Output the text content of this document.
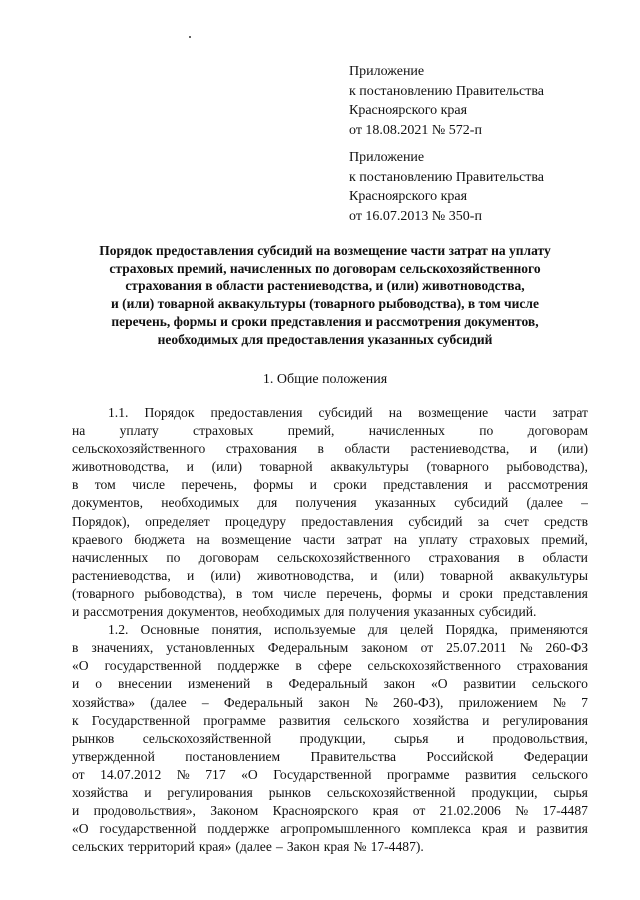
Приложение
к постановлению Правительства
Красноярского края
от 18.08.2021 № 572-п
Приложение
к постановлению Правительства
Красноярского края
от 16.07.2013 № 350-п
Порядок предоставления субсидий на возмещение части затрат на уплату
страховых премий, начисленных по договорам сельскохозяйственного
страхования в области растениеводства, и (или) животноводства,
и (или) товарной аквакультуры (товарного рыбоводства), в том числе
перечень, формы и сроки представления и рассмотрения документов,
необходимых для предоставления указанных субсидий
1. Общие положения
1.1. Порядок предоставления субсидий на возмещение части затрат
на	уплату	страховых	премий,	начисленных	по	договорам
сельскохозяйственного страхования в области растениеводства, и (или)
животноводства, и (или) товарной аквакультуры (товарного рыбоводства),
в том числе перечень, формы и сроки представления и рассмотрения
документов, необходимых для получения указанных субсидий (далее –
Порядок), определяет процедуру предоставления субсидий за счет средств
краевого бюджета на возмещение части затрат на уплату страховых премий,
начисленных по договорам сельскохозяйственного страхования в области
растениеводства, и (или) животноводства, и (или) товарной аквакультуры
(товарного рыбоводства), в том числе перечень, формы и сроки представления
и рассмотрения документов, необходимых для получения указанных субсидий.
1.2. Основные понятия, используемые для целей Порядка, применяются
в значениях, установленных Федеральным законом от 25.07.2011 № 260-ФЗ
«О государственной поддержке в сфере сельскохозяйственного страхования
и о внесении изменений в Федеральный закон «О развитии сельского
хозяйства» (далее – Федеральный закон № 260-ФЗ), приложением № 7
к Государственной программе развития сельского хозяйства и регулирования
рынков сельскохозяйственной продукции, сырья и продовольствия,
утвержденной постановлением Правительства Российской Федерации
от 14.07.2012 № 717 «О Государственной программе развития сельского
хозяйства и регулирования рынков сельскохозяйственной продукции, сырья
и продовольствия», Законом Красноярского края от 21.02.2006 № 17-4487
«О государственной поддержке агропромышленного комплекса края и развития
сельских территорий края» (далее – Закон края № 17-4487).
